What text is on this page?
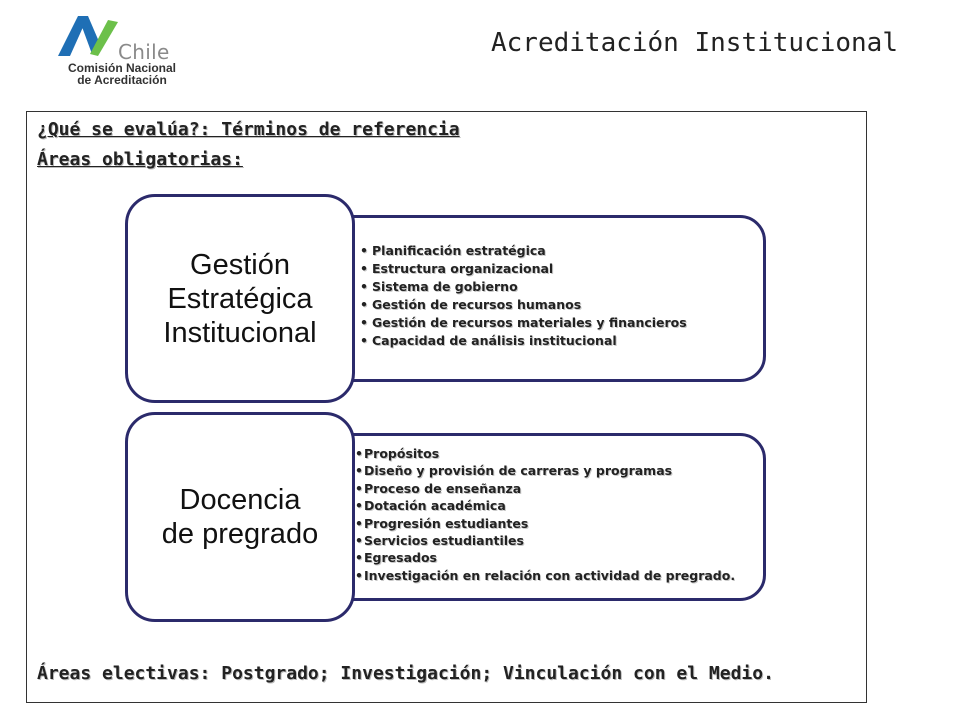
Chile
Comisión Nacional
de Acreditación
Acreditación Institucional
¿Qué se evalúa?: Términos de referencia
Áreas obligatorias:
• Planificación estratégica
• Estructura organizacional
• Sistema de gobierno
• Gestión de recursos humanos
• Gestión de recursos materiales y financieros
• Capacidad de análisis institucional
Gestión
Estratégica
Institucional
• Propósitos
• Diseño y provisión de carreras y programas
• Proceso de enseñanza
• Dotación académica
• Progresión estudiantes
• Servicios estudiantiles
• Egresados
• Investigación en relación con actividad de pregrado.
Docencia
de pregrado
Áreas electivas: Postgrado; Investigación; Vinculación con el Medio.
